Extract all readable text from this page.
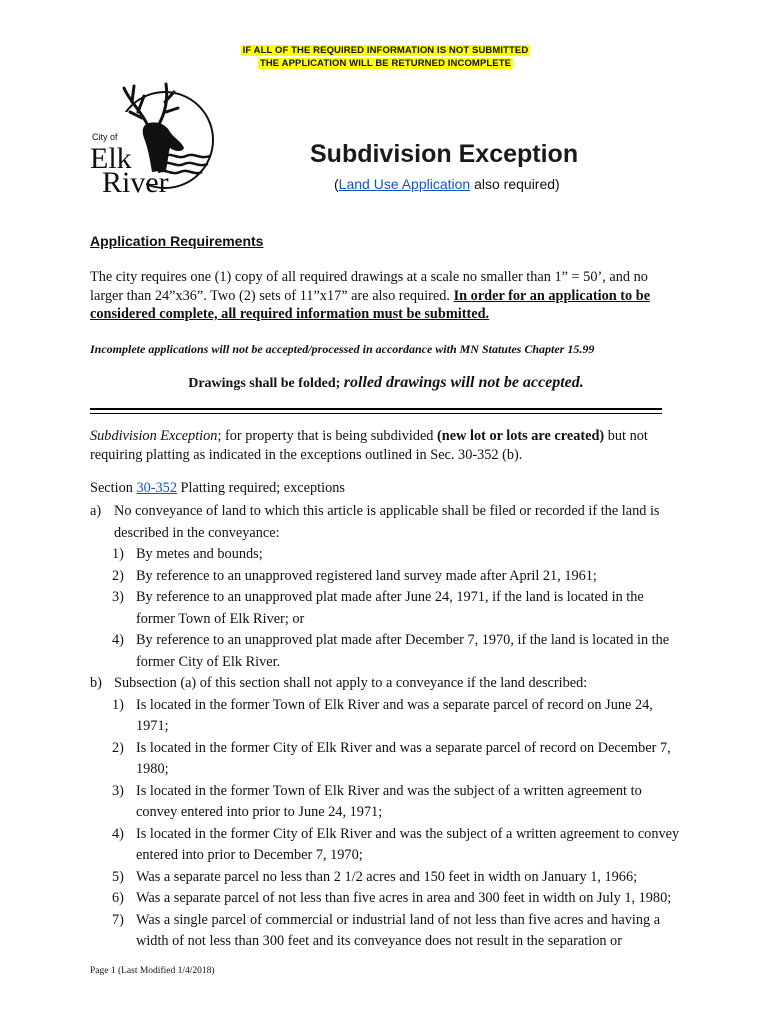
IF ALL OF THE REQUIRED INFORMATION IS NOT SUBMITTED
THE APPLICATION WILL BE RETURNED INCOMPLETE
City of
Elk
River
Subdivision Exception
(Land Use Application also required)
Application Requirements
The city requires one (1) copy of all required drawings at a scale no smaller than 1” = 50’, and no larger than 24”x36”. Two (2) sets of 11”x17” are also required. In order for an application to be considered complete, all required information must be submitted.
Incomplete applications will not be accepted/processed in accordance with MN Statutes Chapter 15.99
Drawings shall be folded; rolled drawings will not be accepted.
Subdivision Exception; for property that is being subdivided (new lot or lots are created) but not requiring platting as indicated in the exceptions outlined in Sec. 30-352 (b).
Section 30-352 Platting required; exceptions
a) No conveyance of land to which this article is applicable shall be filed or recorded if the land is described in the conveyance:
1) By metes and bounds;
2) By reference to an unapproved registered land survey made after April 21, 1961;
3) By reference to an unapproved plat made after June 24, 1971, if the land is located in the former Town of Elk River; or
4) By reference to an unapproved plat made after December 7, 1970, if the land is located in the former City of Elk River.
b) Subsection (a) of this section shall not apply to a conveyance if the land described:
1) Is located in the former Town of Elk River and was a separate parcel of record on June 24, 1971;
2) Is located in the former City of Elk River and was a separate parcel of record on December 7, 1980;
3) Is located in the former Town of Elk River and was the subject of a written agreement to convey entered into prior to June 24, 1971;
4) Is located in the former City of Elk River and was the subject of a written agreement to convey entered into prior to December 7, 1970;
5) Was a separate parcel no less than 2 1/2 acres and 150 feet in width on January 1, 1966;
6) Was a separate parcel of not less than five acres in area and 300 feet in width on July 1, 1980;
7) Was a single parcel of commercial or industrial land of not less than five acres and having a width of not less than 300 feet and its conveyance does not result in the separation or
Page 1 (Last Modified 1/4/2018)
